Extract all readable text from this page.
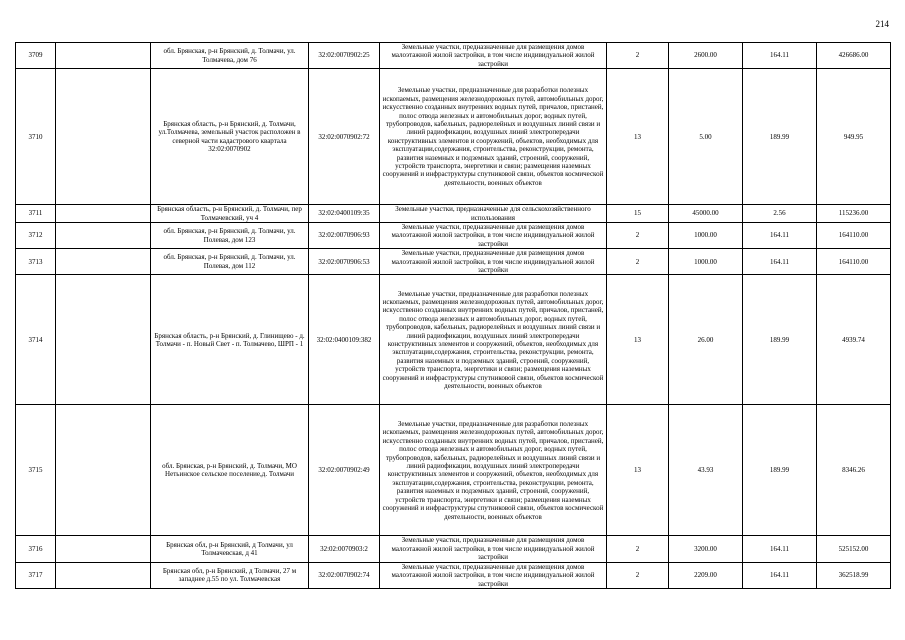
214
3709		обл. Брянская, р-н Брянский, д. Толмачи, ул. Толмачева, дом 76	32:02:0070902:25	Земельные участки, предназначенные для размещения домов малоэтажной жилой застройки, в том числе индивидуальной жилой застройки	2	2600.00	164.11	426686.00
3710		Брянская область, р-н Брянский, д. Толмачи, ул.Толмачева, земельный участок расположен в северной части кадастрового квартала 32:02:0070902	32:02:0070902:72	Земельные участки, предназначенные для разработки полезных ископаемых, размещения железнодорожных путей, автомобильных дорог, искусственно созданных внутренних водных путей, причалов, пристаней, полос отвода железных и автомобильных дорог, водных путей, трубопроводов, кабельных, радиорелейных и воздушных линий связи и линий радиофикации, воздушных линий электропередачи конструктивных элементов и сооружений, объектов, необходимых для эксплуатации,содержания, строительства, реконструкции, ремонта, развития наземных и подземных зданий, строений, сооружений, устройств транспорта, энергетики и связи; размещения наземных сооружений и инфраструктуры спутниковой связи, объектов космической деятельности, военных объектов	13	5.00	189.99	949.95
3711		Брянская область, р-н Брянский, д. Толмачи, пер Толмачевский, уч 4	32:02:0400109:35	Земельные участки, предназначенные для сельскохозяйственного использования	15	45000.00	2.56	115236.00
3712		обл. Брянская, р-н Брянский, д. Толмачи, ул. Полевая, дом 123	32:02:0070906:93	Земельные участки, предназначенные для размещения домов малоэтажной жилой застройки, в том числе индивидуальной жилой застройки	2	1000.00	164.11	164110.00
3713		обл. Брянская, р-н Брянский, д. Толмачи, ул. Полевая, дом 112	32:02:0070906:53	Земельные участки, предназначенные для размещения домов малоэтажной жилой застройки, в том числе индивидуальной жилой застройки	2	1000.00	164.11	164110.00
3714		Брянская область, р-н Брянский, д. Глинищево - д. Толмачи - п. Новый Свет - п. Толмачево, ШРП - 1	32:02:0400109:382	Земельные участки, предназначенные для разработки полезных ископаемых, размещения железнодорожных путей, автомобильных дорог, искусственно созданных внутренних водных путей, причалов, пристаней, полос отвода железных и автомобильных дорог, водных путей, трубопроводов, кабельных, радиорелейных и воздушных линий связи и линий радиофикации, воздушных линий электропередачи конструктивных элементов и сооружений, объектов, необходимых для эксплуатации,содержания, строительства, реконструкции, ремонта, развития наземных и подземных зданий, строений, сооружений, устройств транспорта, энергетики и связи; размещения наземных сооружений и инфраструктуры спутниковой связи, объектов космической деятельности, военных объектов	13	26.00	189.99	4939.74
3715		обл. Брянская, р-н Брянский, д. Толмачи, МО Нетьинское сельское поселение,д. Толмачи	32:02:0070902:49	Земельные участки, предназначенные для разработки полезных ископаемых, размещения железнодорожных путей, автомобильных дорог, искусственно созданных внутренних водных путей, причалов, пристаней, полос отвода железных и автомобильных дорог, водных путей, трубопроводов, кабельных, радиорелейных и воздушных линий связи и линий радиофикации, воздушных линий электропередачи конструктивных элементов и сооружений, объектов, необходимых для эксплуатации,содержания, строительства, реконструкции, ремонта, развития наземных и подземных зданий, строений, сооружений, устройств транспорта, энергетики и связи; размещения наземных сооружений и инфраструктуры спутниковой связи, объектов космической деятельности, военных объектов	13	43.93	189.99	8346.26
3716		Брянская обл, р-н Брянский, д Толмачи, ул Толмачевская, д 41	32:02:0070903:2	Земельные участки, предназначенные для размещения домов малоэтажной жилой застройки, в том числе индивидуальной жилой застройки	2	3200.00	164.11	525152.00
3717		Брянская обл, р-н Брянский, д Толмачи, 27 м западнее д.55 по ул. Толмачевская	32:02:0070902:74	Земельные участки, предназначенные для размещения домов малоэтажной жилой застройки, в том числе индивидуальной жилой застройки	2	2209.00	164.11	362518.99
